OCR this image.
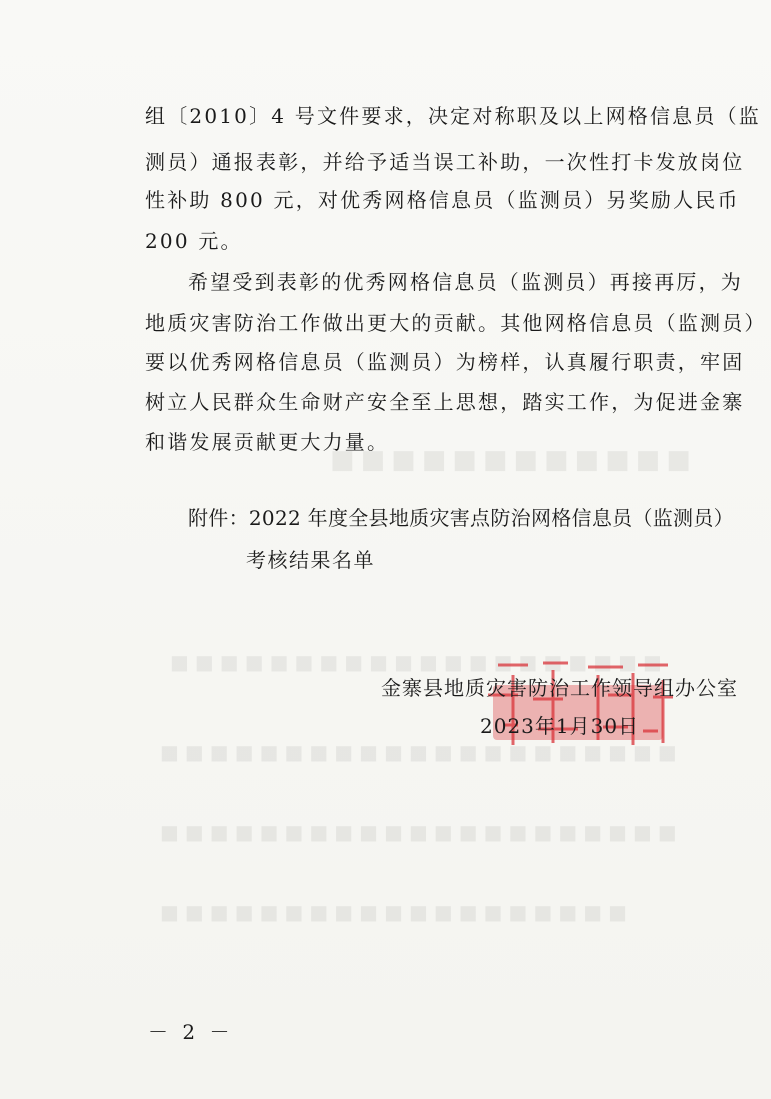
■■■■■■■■■■■■
■■■■■■■■■■■■■■■■■■■■
■■■■■■■■■■■■■■■■■■■■■
■■■■■■■■■■■■■■■■■■■■■
■■■■■■■■■■■■■■■■■■■
组〔2010〕4 号文件要求，决定对称职及以上网格信息员（监
测员）通报表彰，并给予适当误工补助，一次性打卡发放岗位
性补助 800 元，对优秀网格信息员（监测员）另奖励人民币
200 元。
希望受到表彰的优秀网格信息员（监测员）再接再厉，为
地质灾害防治工作做出更大的贡献。其他网格信息员（监测员）
要以优秀网格信息员（监测员）为榜样，认真履行职责，牢固
树立人民群众生命财产安全至上思想，踏实工作，为促进金寨
和谐发展贡献更大力量。
附件：2022 年度全县地质灾害点防治网格信息员（监测员）
考核结果名单
金寨县地质灾害防治工作领导组办公室
2023年1月30日
－ 2 －
